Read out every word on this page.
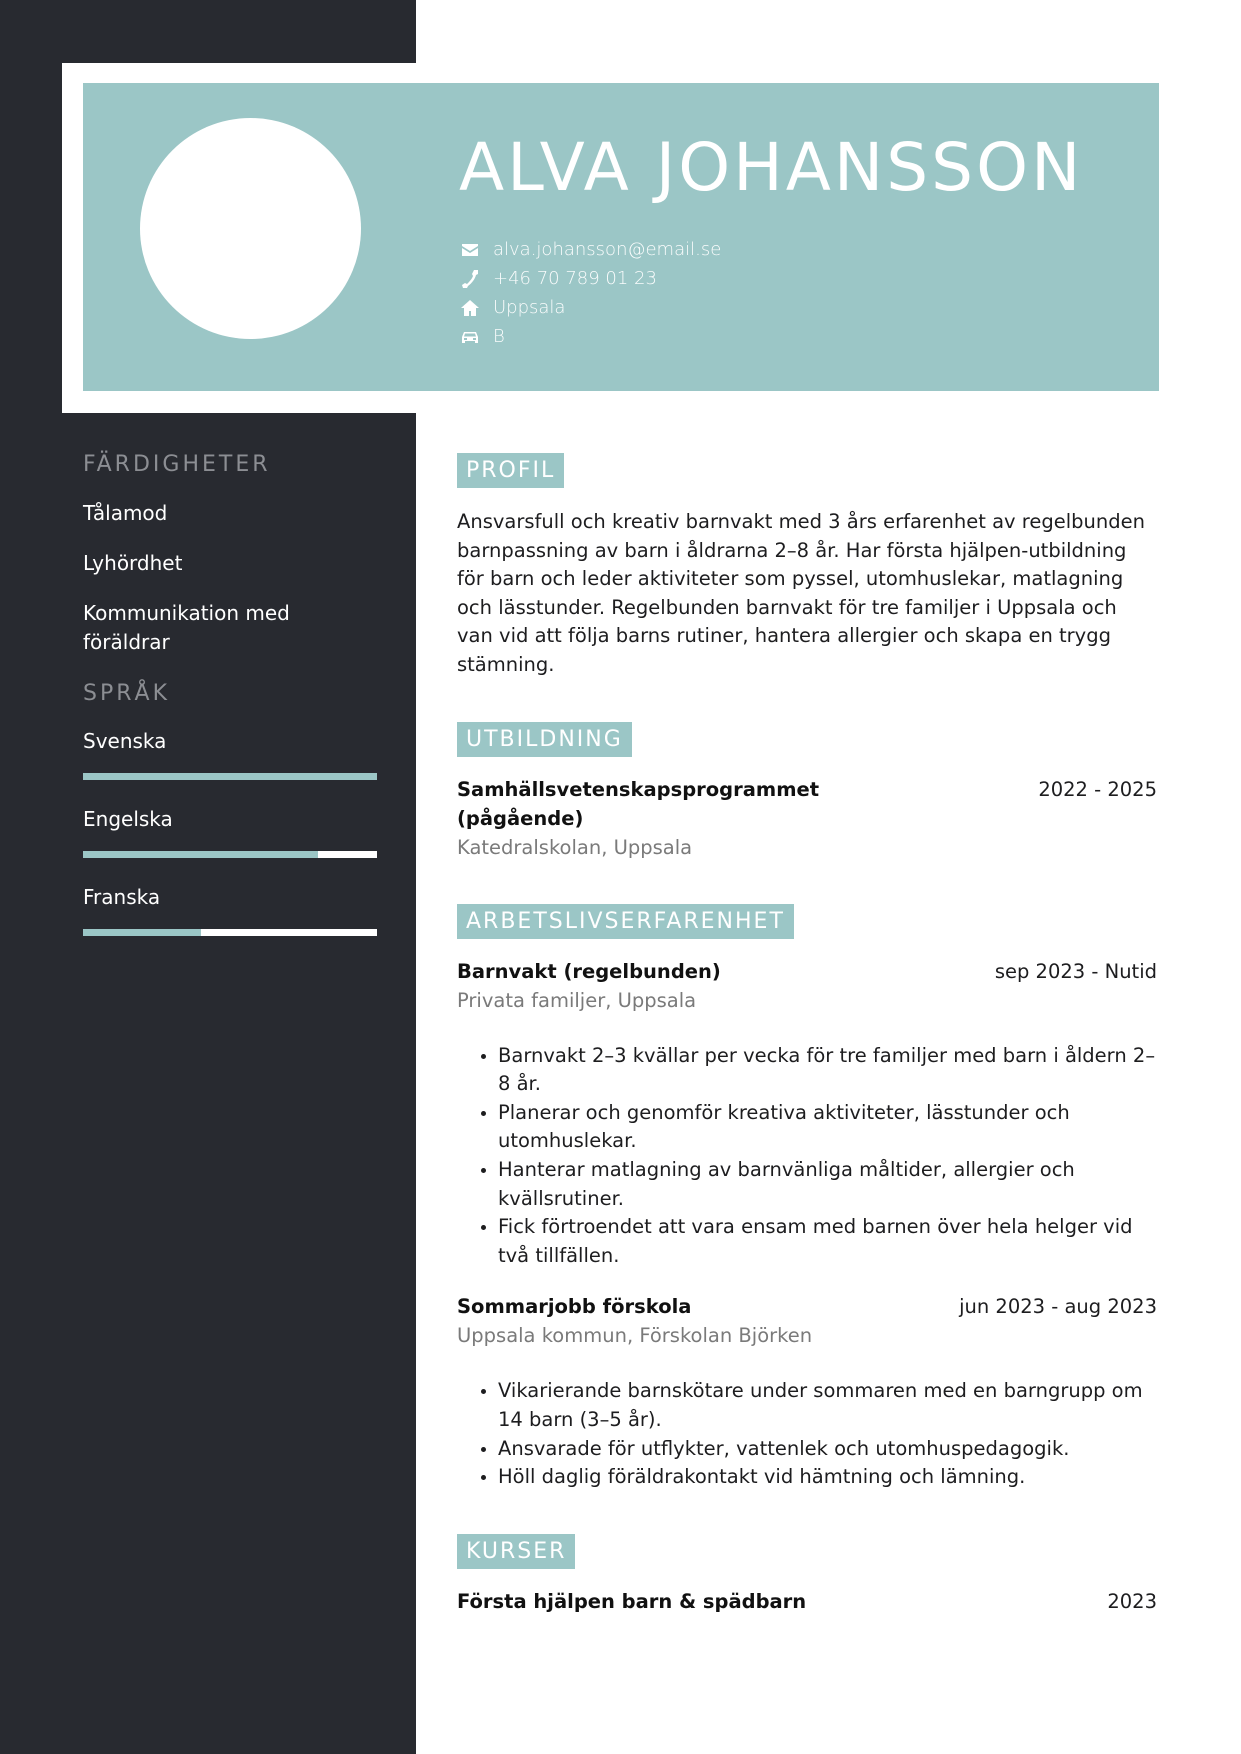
ALVA JOHANSSON
alva.johansson@email.se
+46 70 789 01 23
Uppsala
B
FÄRDIGHETER
Tålamod
Lyhördhet
Kommunikation med föräldrar
SPRÅK
Svenska
Engelska
Franska
PROFIL
Ansvarsfull och kreativ barnvakt med 3 års erfarenhet av regelbunden barnpassning av barn i åldrarna 2–8 år. Har första hjälpen-utbildning för barn och leder aktiviteter som pyssel, utomhuslekar, matlagning och lässtunder. Regelbunden barnvakt för tre familjer i Uppsala och van vid att följa barns rutiner, hantera allergier och skapa en trygg stämning.
UTBILDNING
Samhällsvetenskapsprogrammet (pågående)
2022 - 2025
Katedralskolan, Uppsala
ARBETSLIVSERFARENHET
Barnvakt (regelbunden)	sep 2023 - Nutid
Privata familjer, Uppsala
• Barnvakt 2–3 kvällar per vecka för tre familjer med barn i åldern 2–8 år.
• Planerar och genomför kreativa aktiviteter, lässtunder och utomhuslekar.
• Hanterar matlagning av barnvänliga måltider, allergier och kvällsrutiner.
• Fick förtroendet att vara ensam med barnen över hela helger vid två tillfällen.
Sommarjobb förskola	jun 2023 - aug 2023
Uppsala kommun, Förskolan Björken
• Vikarierande barnskötare under sommaren med en barngrupp om 14 barn (3–5 år).
• Ansvarade för utflykter, vattenlek och utomhuspedagogik.
• Höll daglig föräldrakontakt vid hämtning och lämning.
KURSER
Första hjälpen barn & spädbarn	2023
